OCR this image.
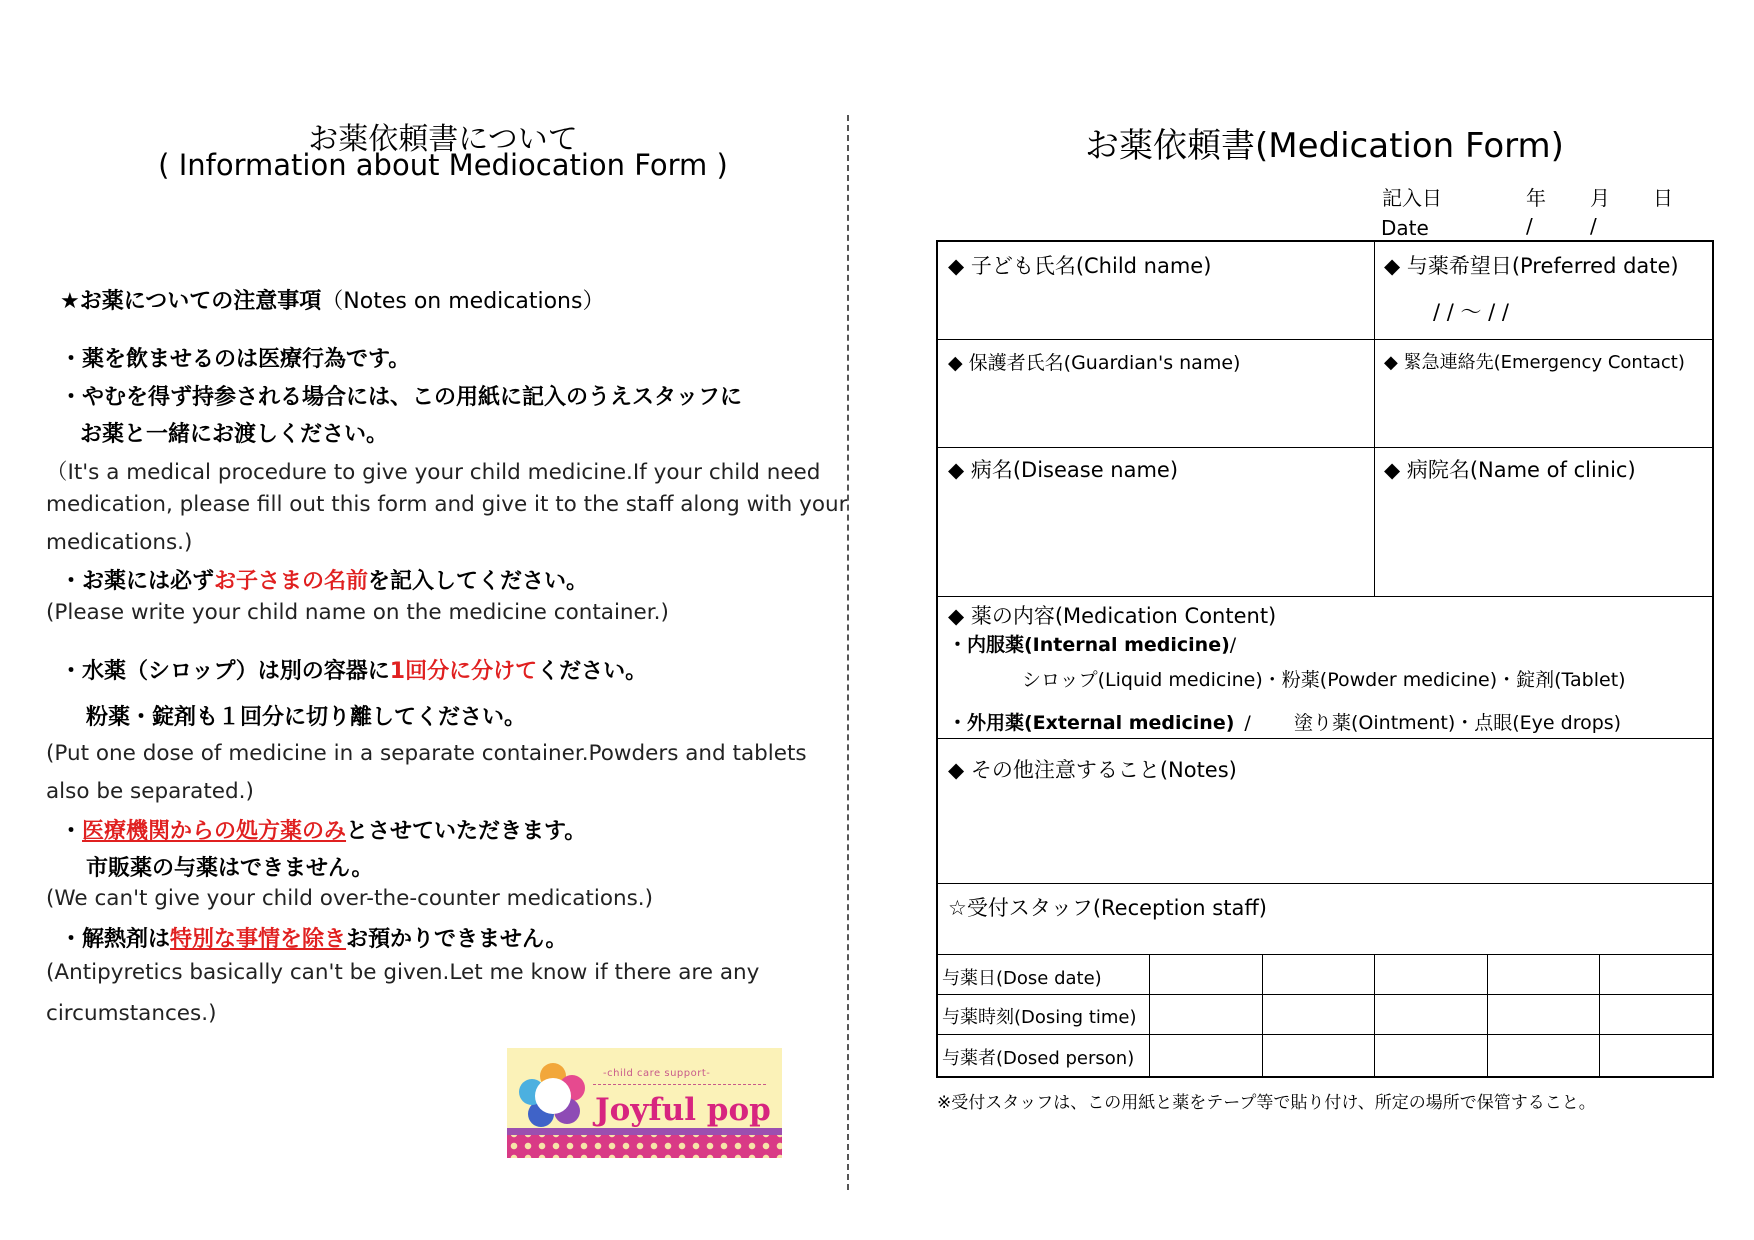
お薬依頼書について
( Information about Mediocation Form )
★お薬についての注意事項（Notes on medications）
・薬を飲ませるのは医療行為です。
・やむを得ず持参される場合には、この用紙に記入のうえスタッフに
お薬と一緒にお渡しください。
（It's a medical procedure to give your child medicine.If your child need
medication, please fill out this form and give it to the staff along with your
medications.)
・お薬には必ずお子さまの名前を記入してください。
(Please write your child name on the medicine container.)
・水薬（シロップ）は別の容器に1回分に分けてください。
粉薬・錠剤も１回分に切り離してください。
(Put one dose of medicine in a separate container.Powders and tablets
also be separated.)
・医療機関からの処方薬のみとさせていただきます。
市販薬の与薬はできません。
(We can't give your child over-the-counter medications.)
・解熱剤は特別な事情を除きお預かりできません。
(Antipyretics basically can't be given.Let me know if there are any
circumstances.)
-child care support-
Joyful pop
お薬依頼書(Medication Form)
記入日	年 月 日
Date	/	/
◆ 子ども氏名(Child name)	◆ 与薬希望日(Preferred date)
/ / ～ / /
◆ 保護者氏名(Guardian's name)	◆ 緊急連絡先(Emergency Contact)
◆ 病名(Disease name)	◆ 病院名(Name of clinic)
◆ 薬の内容(Medication Content)
・内服薬(Internal medicine)/
シロップ(Liquid medicine)・粉薬(Powder medicine)・錠剤(Tablet)
・外用薬(External medicine) / 塗り薬(Ointment)・点眼(Eye drops)
◆ その他注意すること(Notes)
☆受付スタッフ(Reception staff)
与薬日(Dose date)
与薬時刻(Dosing time)
与薬者(Dosed person)
※受付スタッフは、この用紙と薬をテープ等で貼り付け、所定の場所で保管すること。
